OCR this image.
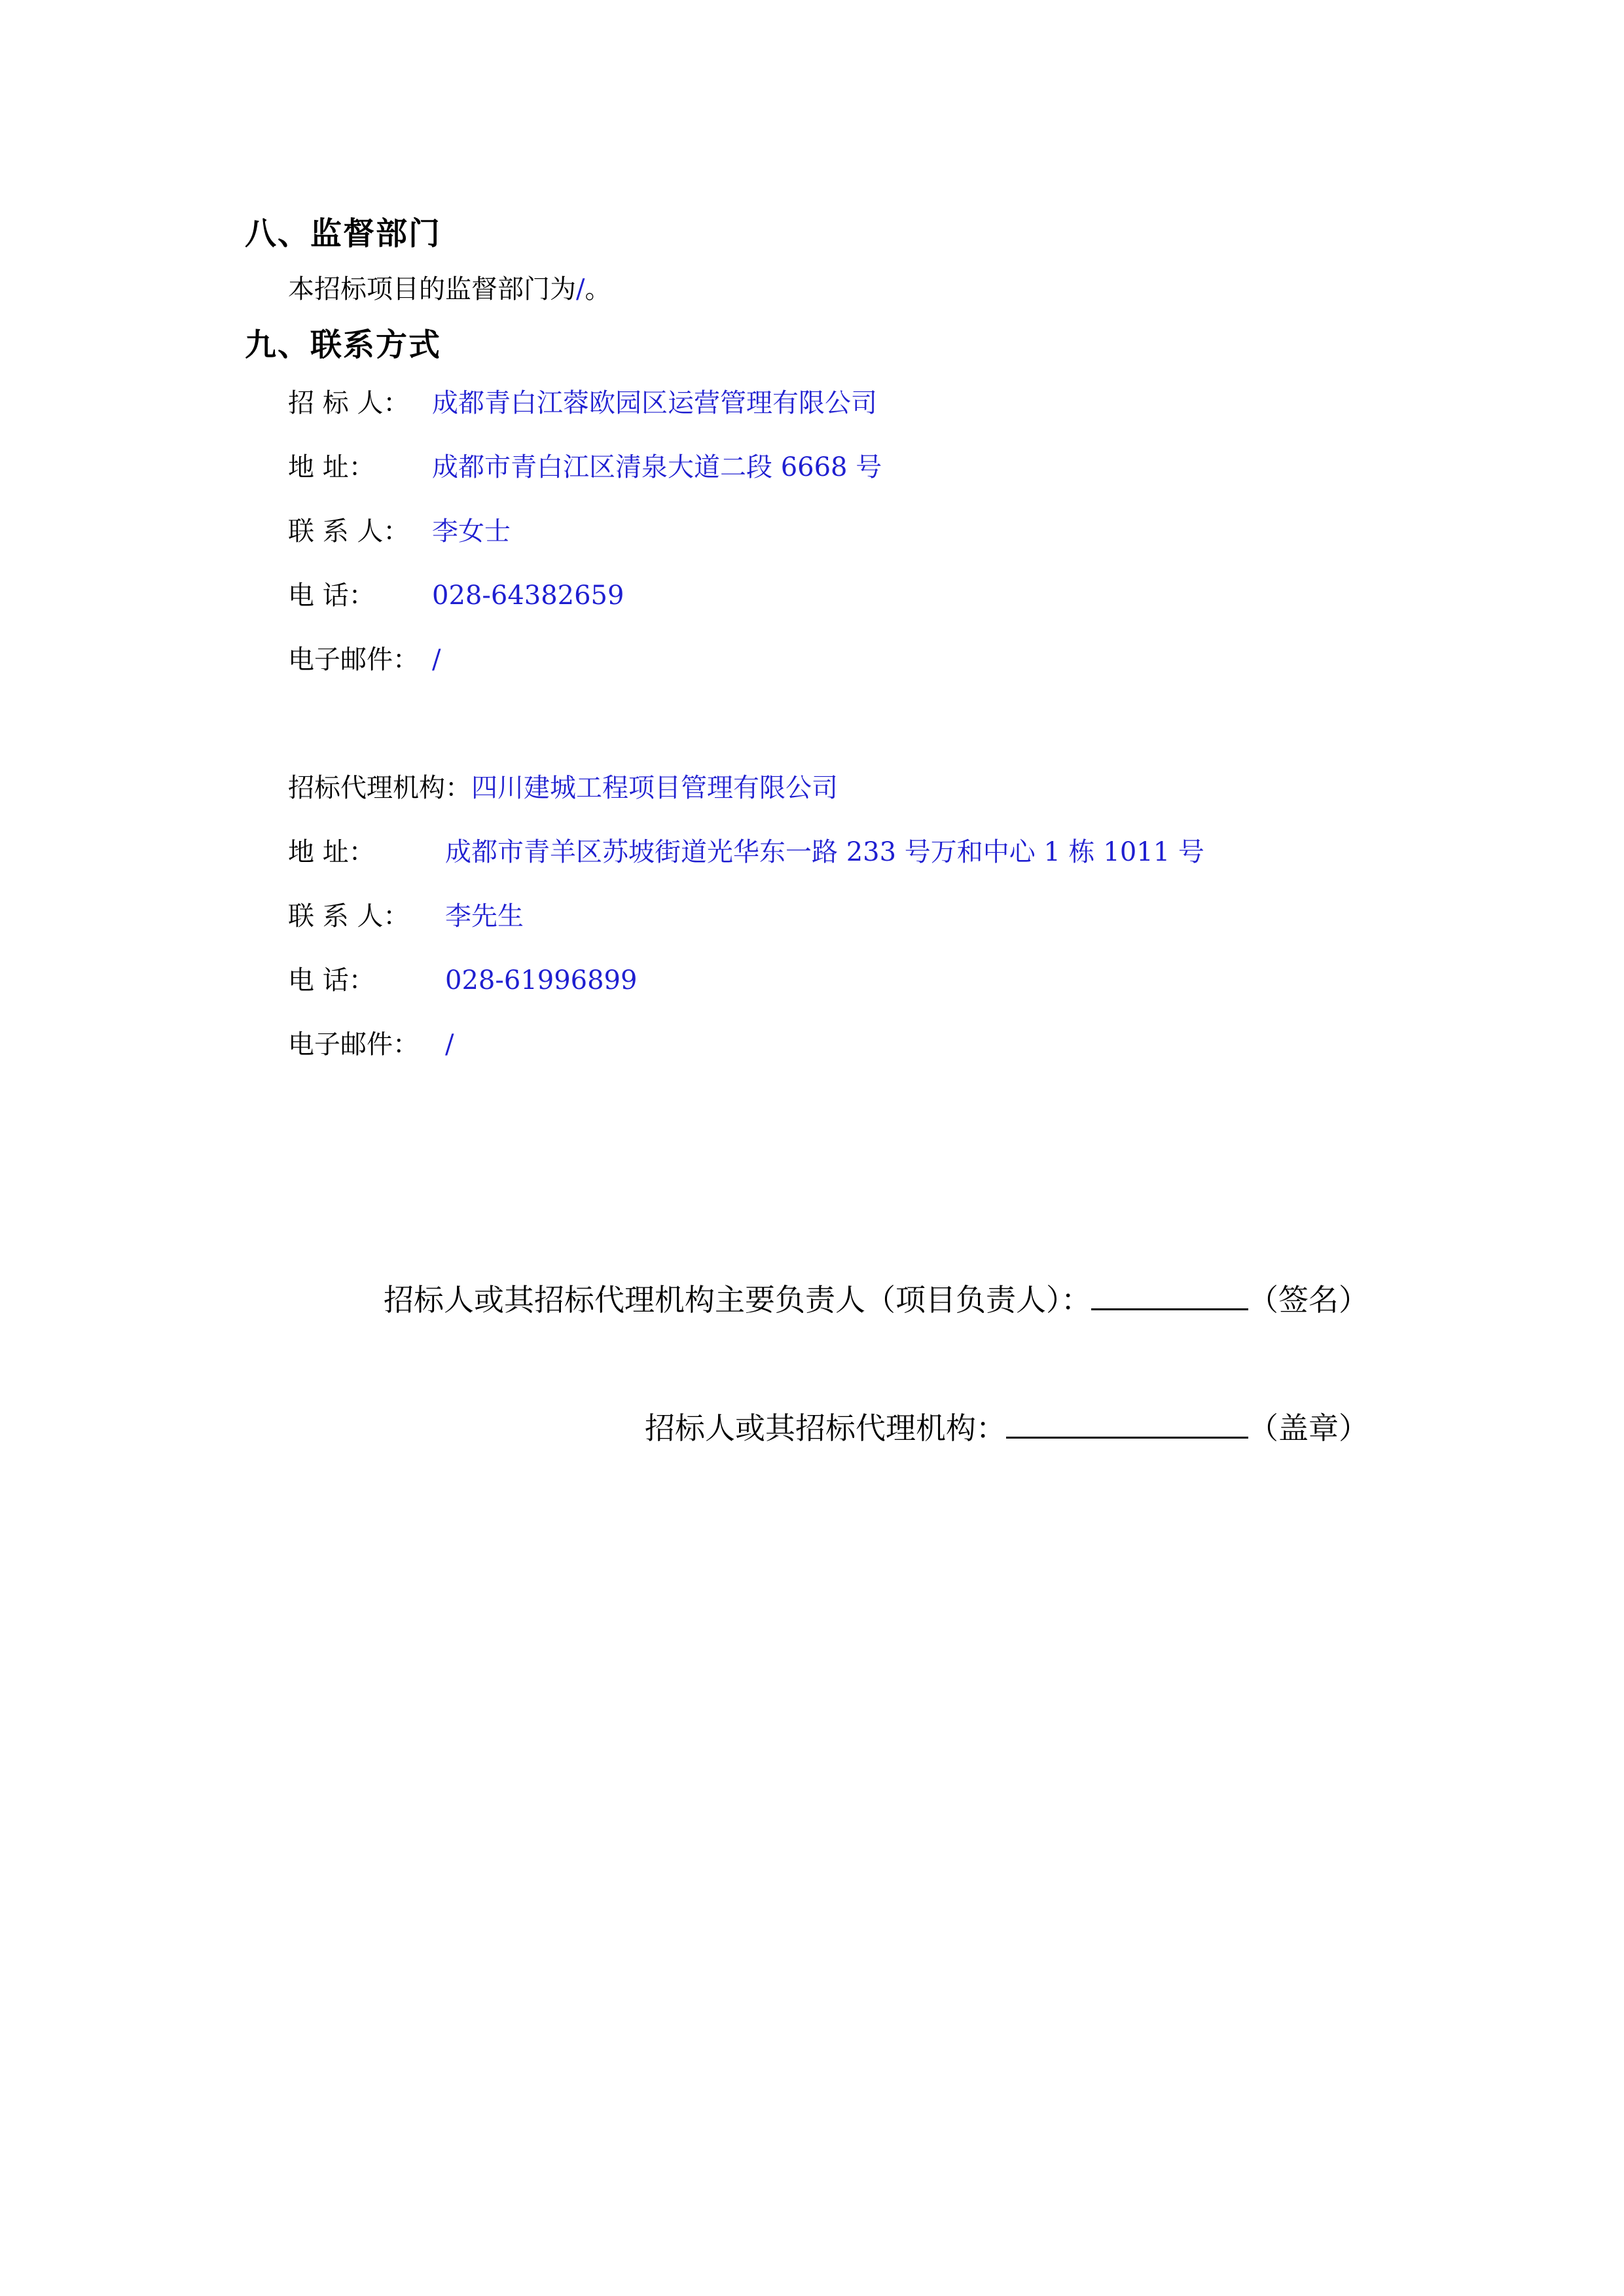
八、监督部门
本招标项目的监督部门为/。
九、联系方式
招 标 人： 成都青白江蓉欧园区运营管理有限公司
地 址： 成都市青白江区清泉大道二段 6668 号
联 系 人： 李女士
电 话： 028-64382659
电子邮件： /
招标代理机构：四川建城工程项目管理有限公司
地 址：	成都市青羊区苏坡街道光华东一路 233 号万和中心 1 栋 1011 号
联 系 人： 李先生
电 话：	028-61996899
电子邮件： /
招标人或其招标代理机构主要负责人（项目负责人）：	（签名）
招标人或其招标代理机构：	（盖章）
